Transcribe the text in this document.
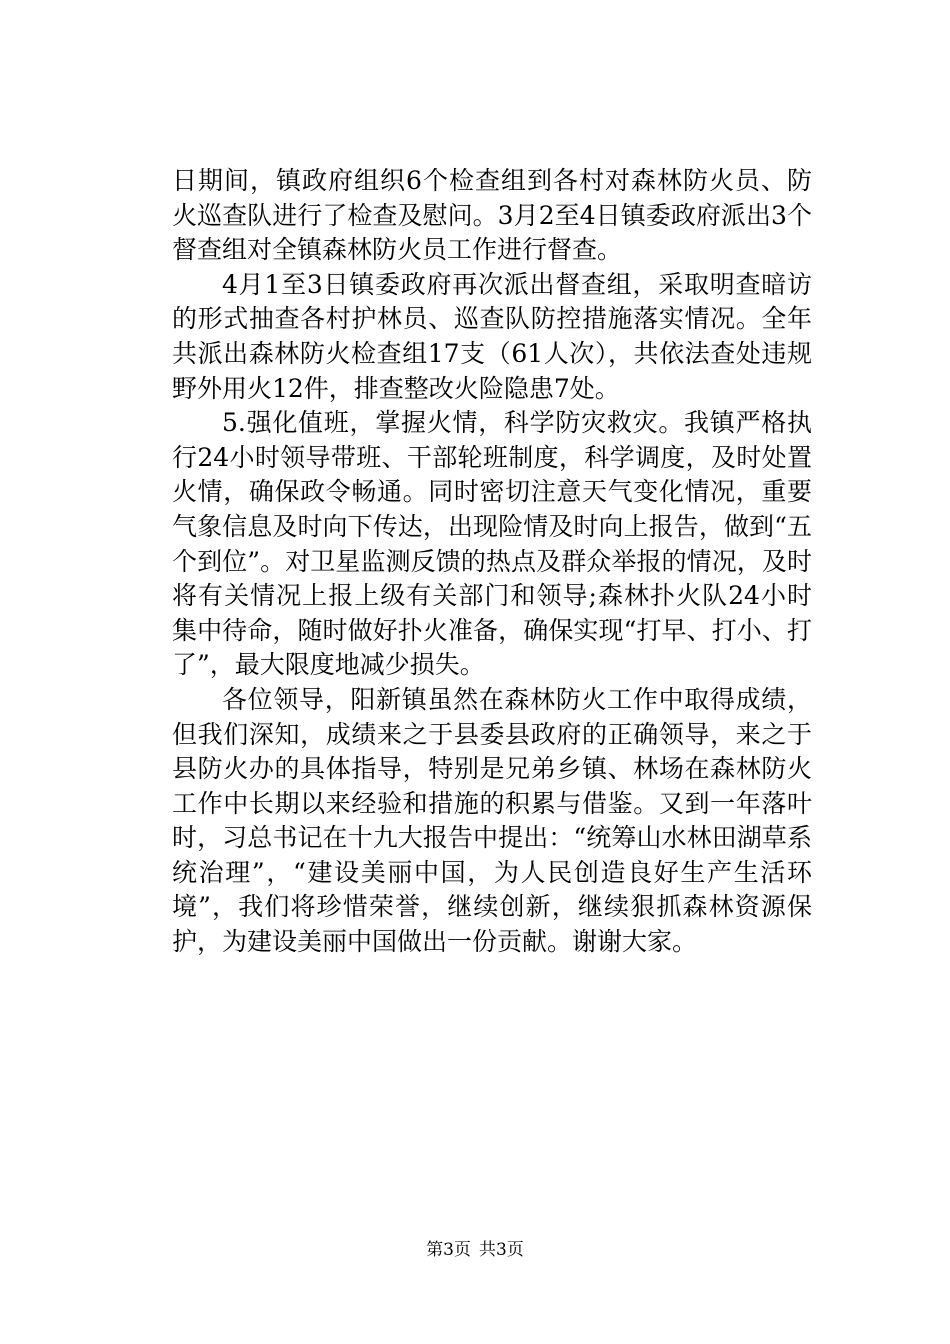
日期间，镇政府组织6个检查组到各村对森林防火员、防火巡查队进行了检查及慰问。3月2至4日镇委政府派出3个督查组对全镇森林防火员工作进行督查。

4月1至3日镇委政府再次派出督查组，采取明查暗访的形式抽查各村护林员、巡查队防控措施落实情况。全年共派出森林防火检查组17支（61人次），共依法查处违规野外用火12件，排查整改火险隐患7处。

5.强化值班，掌握火情，科学防灾救灾。我镇严格执行24小时领导带班、干部轮班制度，科学调度，及时处置火情，确保政令畅通。同时密切注意天气变化情况，重要气象信息及时向下传达，出现险情及时向上报告，做到“五个到位”。对卫星监测反馈的热点及群众举报的情况，及时将有关情况上报上级有关部门和领导;森林扑火队24小时集中待命，随时做好扑火准备，确保实现“打早、打小、打了”，最大限度地减少损失。

各位领导，阳新镇虽然在森林防火工作中取得成绩，但我们深知，成绩来之于县委县政府的正确领导，来之于县防火办的具体指导，特别是兄弟乡镇、林场在森林防火工作中长期以来经验和措施的积累与借鉴。又到一年落叶时，习总书记在十九大报告中提出：“统筹山水林田湖草系统治理”，“建设美丽中国，为人民创造良好生产生活环境”，我们将珍惜荣誉，继续创新，继续狠抓森林资源保护，为建设美丽中国做出一份贡献。谢谢大家。

第3页 共3页
